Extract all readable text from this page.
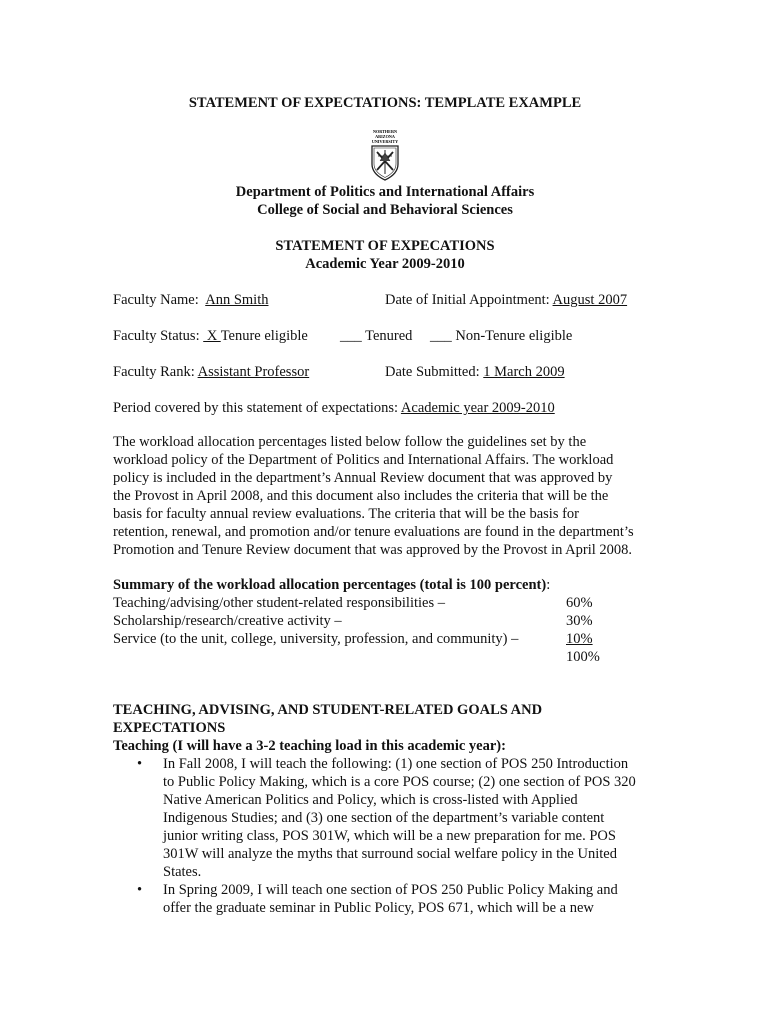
STATEMENT OF EXPECTATIONS: TEMPLATE EXAMPLE
NORTHERN
ARIZONA
UNIVERSITY
Department of Politics and International Affairs
College of Social and Behavioral Sciences
STATEMENT OF EXPECATIONS
Academic Year 2009-2010
Faculty Name: Ann Smith	Date of Initial Appointment: August 2007
Faculty Status:  X Tenure eligible ___ Tenured ___ Non-Tenure eligible
Faculty Rank: Assistant Professor	Date Submitted: 1 March 2009
Period covered by this statement of expectations: Academic year 2009-2010
The workload allocation percentages listed below follow the guidelines set by the
workload policy of the Department of Politics and International Affairs. The workload
policy is included in the department’s Annual Review document that was approved by
the Provost in April 2008, and this document also includes the criteria that will be the
basis for faculty annual review evaluations. The criteria that will be the basis for
retention, renewal, and promotion and/or tenure evaluations are found in the department’s
Promotion and Tenure Review document that was approved by the Provost in April 2008.
Summary of the workload allocation percentages (total is 100 percent):
Teaching/advising/other student-related responsibilities –	60%
Scholarship/research/creative activity –	30%
Service (to the unit, college, university, profession, and community) –	10%
100%
TEACHING, ADVISING, AND STUDENT-RELATED GOALS AND
EXPECTATIONS
Teaching (I will have a 3-2 teaching load in this academic year):
• In Fall 2008, I will teach the following: (1) one section of POS 250 Introduction
to Public Policy Making, which is a core POS course; (2) one section of POS 320
Native American Politics and Policy, which is cross-listed with Applied
Indigenous Studies; and (3) one section of the department’s variable content
junior writing class, POS 301W, which will be a new preparation for me. POS
301W will analyze the myths that surround social welfare policy in the United
States.
• In Spring 2009, I will teach one section of POS 250 Public Policy Making and
offer the graduate seminar in Public Policy, POS 671, which will be a new
